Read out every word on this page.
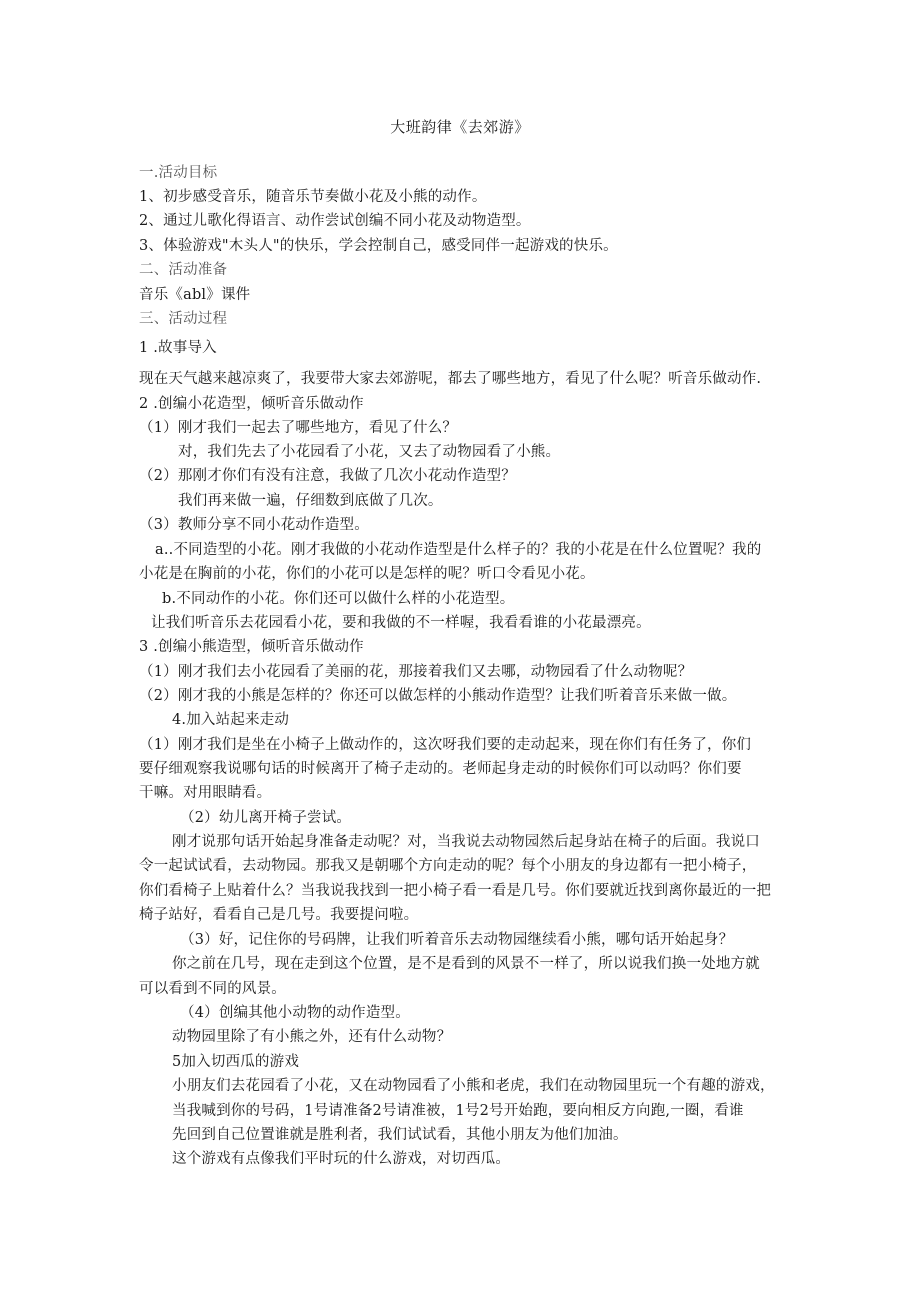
大班韵律《去郊游》
一.活动目标
1、初步感受音乐，随音乐节奏做小花及小熊的动作。
2、通过儿歌化得语言、动作尝试创编不同小花及动物造型。
3、体验游戏"木头人"的快乐，学会控制自己，感受同伴一起游戏的快乐。
二、活动准备
音乐《abl》课件
三、活动过程
1 .故事导入
现在天气越来越凉爽了，我要带大家去郊游呢，都去了哪些地方，看见了什么呢？听音乐做动作.
2 .创编小花造型，倾听音乐做动作
（1）刚才我们一起去了哪些地方，看见了什么？
对，我们先去了小花园看了小花，又去了动物园看了小熊。
（2）那刚才你们有没有注意，我做了几次小花动作造型？
我们再来做一遍，仔细数到底做了几次。
（3）教师分享不同小花动作造型。
a..不同造型的小花。刚才我做的小花动作造型是什么样子的？我的小花是在什么位置呢？我的
小花是在胸前的小花，你们的小花可以是怎样的呢？听口令看见小花。
b.不同动作的小花。你们还可以做什么样的小花造型。
让我们听音乐去花园看小花，要和我做的不一样喔，我看看谁的小花最漂亮。
3 .创编小熊造型，倾听音乐做动作
（1）刚才我们去小花园看了美丽的花，那接着我们又去哪，动物园看了什么动物呢？
（2）刚才我的小熊是怎样的？你还可以做怎样的小熊动作造型？让我们听着音乐来做一做。
4.加入站起来走动
（1）刚才我们是坐在小椅子上做动作的，这次呀我们要的走动起来，现在你们有任务了，你们
要仔细观察我说哪句话的时候离开了椅子走动的。老师起身走动的时候你们可以动吗？你们要
干嘛。对用眼睛看。
（2）幼儿离开椅子尝试。
刚才说那句话开始起身准备走动呢？对，当我说去动物园然后起身站在椅子的后面。我说口
令一起试试看，去动物园。那我又是朝哪个方向走动的呢？每个小朋友的身边都有一把小椅子，
你们看椅子上贴着什么？当我说我找到一把小椅子看一看是几号。你们要就近找到离你最近的一把
椅子站好，看看自己是几号。我要提问啦。
（3）好，记住你的号码牌，让我们听着音乐去动物园继续看小熊，哪句话开始起身？
你之前在几号，现在走到这个位置，是不是看到的风景不一样了，所以说我们换一处地方就
可以看到不同的风景。
（4）创编其他小动物的动作造型。
动物园里除了有小熊之外，还有什么动物？
5加入切西瓜的游戏
小朋友们去花园看了小花，又在动物园看了小熊和老虎，我们在动物园里玩一个有趣的游戏，
当我喊到你的号码，1号请准备2号请准被，1号2号开始跑，要向相反方向跑,一圈，看谁
先回到自己位置谁就是胜利者，我们试试看，其他小朋友为他们加油。
这个游戏有点像我们平时玩的什么游戏，对切西瓜。
